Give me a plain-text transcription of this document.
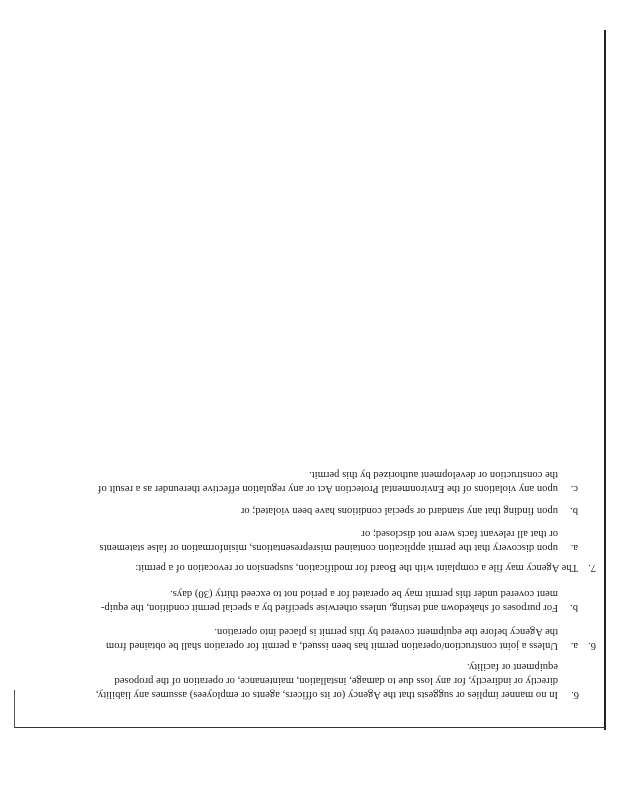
6.
In no manner implies or suggests that the Agency (or its officers, agents or employees) assumes any liability,
directly or indirectly, for any loss due to damage, installation, maintenance, or operation of the proposed
equipment or facility.
6.
a.
Unless a joint construction/operation permit has been issued, a permit for operation shall be obtained from
the Agency before the equipment covered by this permit is placed into operation.
b.
For purposes of shakedown and testing, unless otherwise specified by a special permit condition, the equip-
ment covered under this permit may be operated for a period not to exceed thirty (30) days.
7.
The Agency may file a complaint with the Board for modification, suspension or revocation of a permit:
a.
upon discovery that the permit application contained misrepresentations, misinformation or false statements
or that all relevant facts were not disclosed; or
b.
upon finding that any standard or special conditions have been violated; or
c.
upon any violations of the Environmental Protection Act or any regulation effective thereunder as a result of
the construction or development authorized by this permit.
